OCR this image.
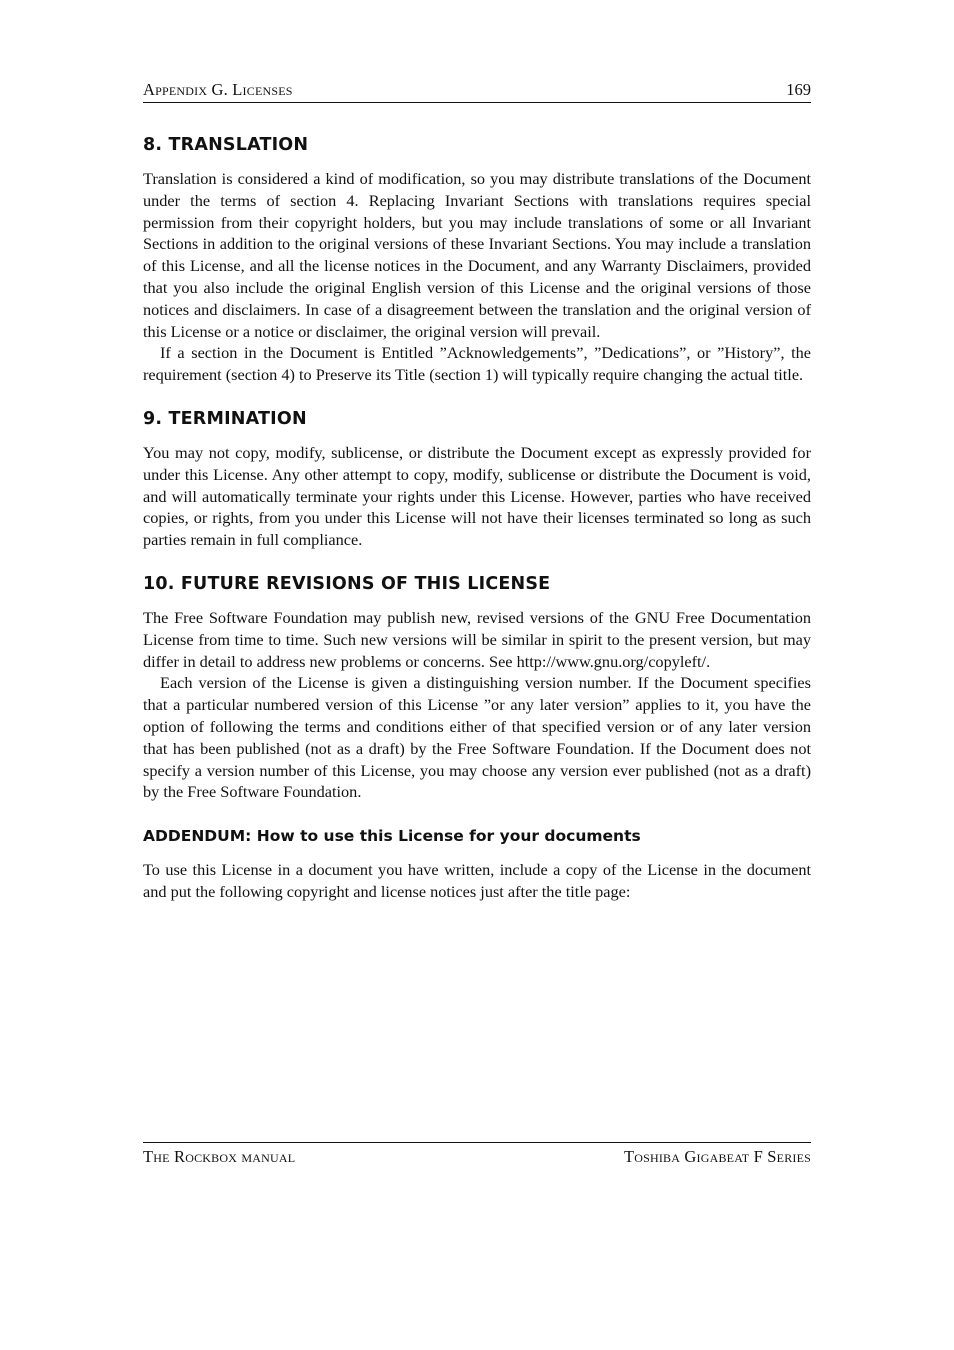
Appendix G. Licenses	169
8. TRANSLATION

Translation is considered a kind of modification, so you may distribute translations of the Document under the terms of section 4. Replacing Invariant Sections with translations requires special permission from their copyright holders, but you may include translations of some or all Invariant Sections in addition to the original versions of these Invariant Sections. You may include a translation of this License, and all the license notices in the Document, and any Warranty Disclaimers, provided that you also include the original English version of this License and the original versions of those notices and disclaimers. In case of a disagreement between the translation and the original version of this License or a notice or disclaimer, the original version will prevail.

If a section in the Document is Entitled ”Acknowledgements”, ”Dedications”, or ”History”, the requirement (section 4) to Preserve its Title (section 1) will typically require changing the actual title.

9. TERMINATION

You may not copy, modify, sublicense, or distribute the Document except as expressly provided for under this License. Any other attempt to copy, modify, sublicense or distribute the Document is void, and will automatically terminate your rights under this License. However, parties who have received copies, or rights, from you under this License will not have their licenses terminated so long as such parties remain in full compliance.

10. FUTURE REVISIONS OF THIS LICENSE

The Free Software Foundation may publish new, revised versions of the GNU Free Documentation License from time to time. Such new versions will be similar in spirit to the present version, but may differ in detail to address new problems or concerns. See http://www.gnu.org/copyleft/.

Each version of the License is given a distinguishing version number. If the Document specifies that a particular numbered version of this License ”or any later version” applies to it, you have the option of following the terms and conditions either of that specified version or of any later version that has been published (not as a draft) by the Free Software Foundation. If the Document does not specify a version number of this License, you may choose any version ever published (not as a draft) by the Free Software Foundation.

ADDENDUM: How to use this License for your documents

To use this License in a document you have written, include a copy of the License in the document and put the following copyright and license notices just after the title page:

The Rockbox manual	Toshiba Gigabeat F Series
